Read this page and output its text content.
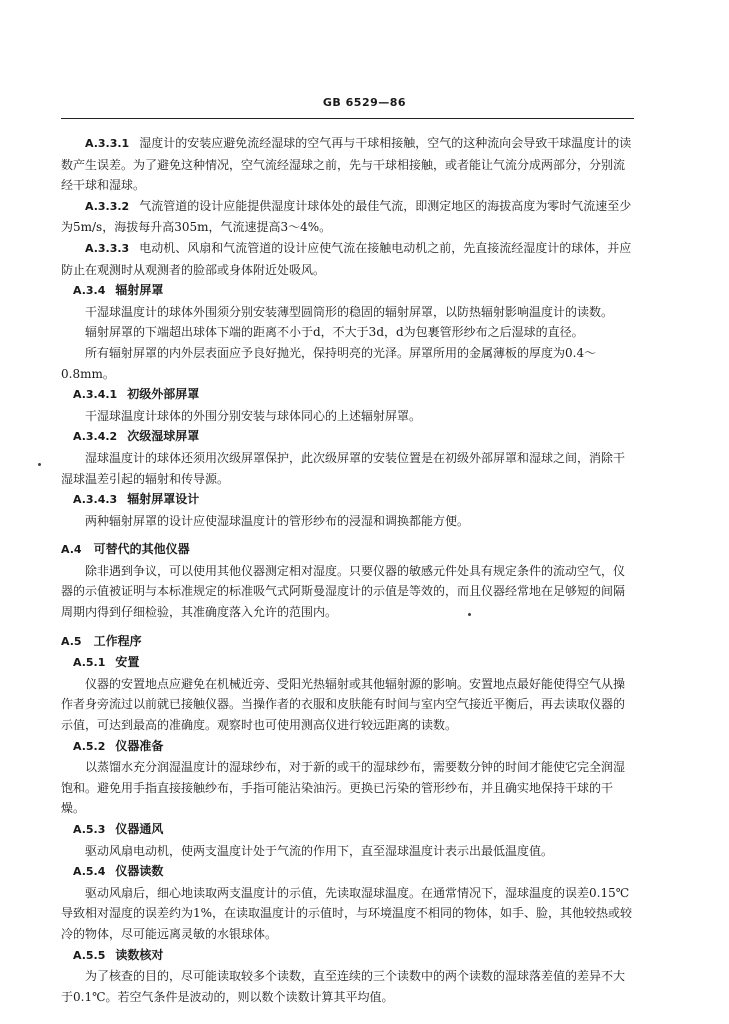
GB 6529—86

A.3.3.1 湿度计的安装应避免流经湿球的空气再与干球相接触，空气的这种流向会导致干球温度计的读数产生误差。为了避免这种情况，空气流经湿球之前，先与干球相接触，或者能让气流分成两部分，分别流经干球和湿球。

A.3.3.2 气流管道的设计应能提供湿度计球体处的最佳气流，即测定地区的海拔高度为零时气流速至少为5m/s，海拔每升高305m，气流速提高3～4%。

A.3.3.3 电动机、风扇和气流管道的设计应使气流在接触电动机之前，先直接流经湿度计的球体，并应防止在观测时从观测者的脸部或身体附近处吸风。

A.3.4 辐射屏罩

干湿球温度计的球体外围须分别安装薄型圆筒形的稳固的辐射屏罩，以防热辐射影响温度计的读数。

辐射屏罩的下端超出球体下端的距离不小于d，不大于3d，d为包裹管形纱布之后湿球的直径。

所有辐射屏罩的内外层表面应予良好抛光，保持明亮的光泽。屏罩所用的金属薄板的厚度为0.4～0.8mm。

A.3.4.1 初级外部屏罩

干湿球温度计球体的外围分别安装与球体同心的上述辐射屏罩。

A.3.4.2 次级湿球屏罩

湿球温度计的球体还须用次级屏罩保护，此次级屏罩的安装位置是在初级外部屏罩和湿球之间，消除干湿球温差引起的辐射和传导源。

A.3.4.3 辐射屏罩设计

两种辐射屏罩的设计应使湿球温度计的管形纱布的浸湿和调换都能方便。

A.4 可替代的其他仪器

除非遇到争议，可以使用其他仪器测定相对湿度。只要仪器的敏感元件处具有规定条件的流动空气，仪器的示值被证明与本标准规定的标准吸气式阿斯曼湿度计的示值是等效的，而且仪器经常地在足够短的间隔周期内得到仔细检验，其准确度落入允许的范围内。

A.5 工作程序

A.5.1 安置

仪器的安置地点应避免在机械近旁、受阳光热辐射或其他辐射源的影响。安置地点最好能使得空气从操作者身旁流过以前就已接触仪器。当操作者的衣服和皮肤能有时间与室内空气接近平衡后，再去读取仪器的示值，可达到最高的准确度。观察时也可使用测高仪进行较远距离的读数。

A.5.2 仪器准备

以蒸馏水充分润湿温度计的湿球纱布，对于新的或干的湿球纱布，需要数分钟的时间才能使它完全润湿饱和。避免用手指直接接触纱布，手指可能沾染油污。更换已污染的管形纱布，并且确实地保持干球的干燥。

A.5.3 仪器通风

驱动风扇电动机，使两支温度计处于气流的作用下，直至湿球温度计表示出最低温度值。

A.5.4 仪器读数

驱动风扇后，细心地读取两支温度计的示值，先读取湿球温度。在通常情况下，湿球温度的误差0.15℃导致相对湿度的误差约为1%，在读取温度计的示值时，与环境温度不相同的物体，如手、脸，其他较热或较冷的物体，尽可能远离灵敏的水银球体。

A.5.5 读数核对

为了核查的目的，尽可能读取较多个读数，直至连续的三个读数中的两个读数的湿球落差值的差异不大于0.1℃。若空气条件是波动的，则以数个读数计算其平均值。
